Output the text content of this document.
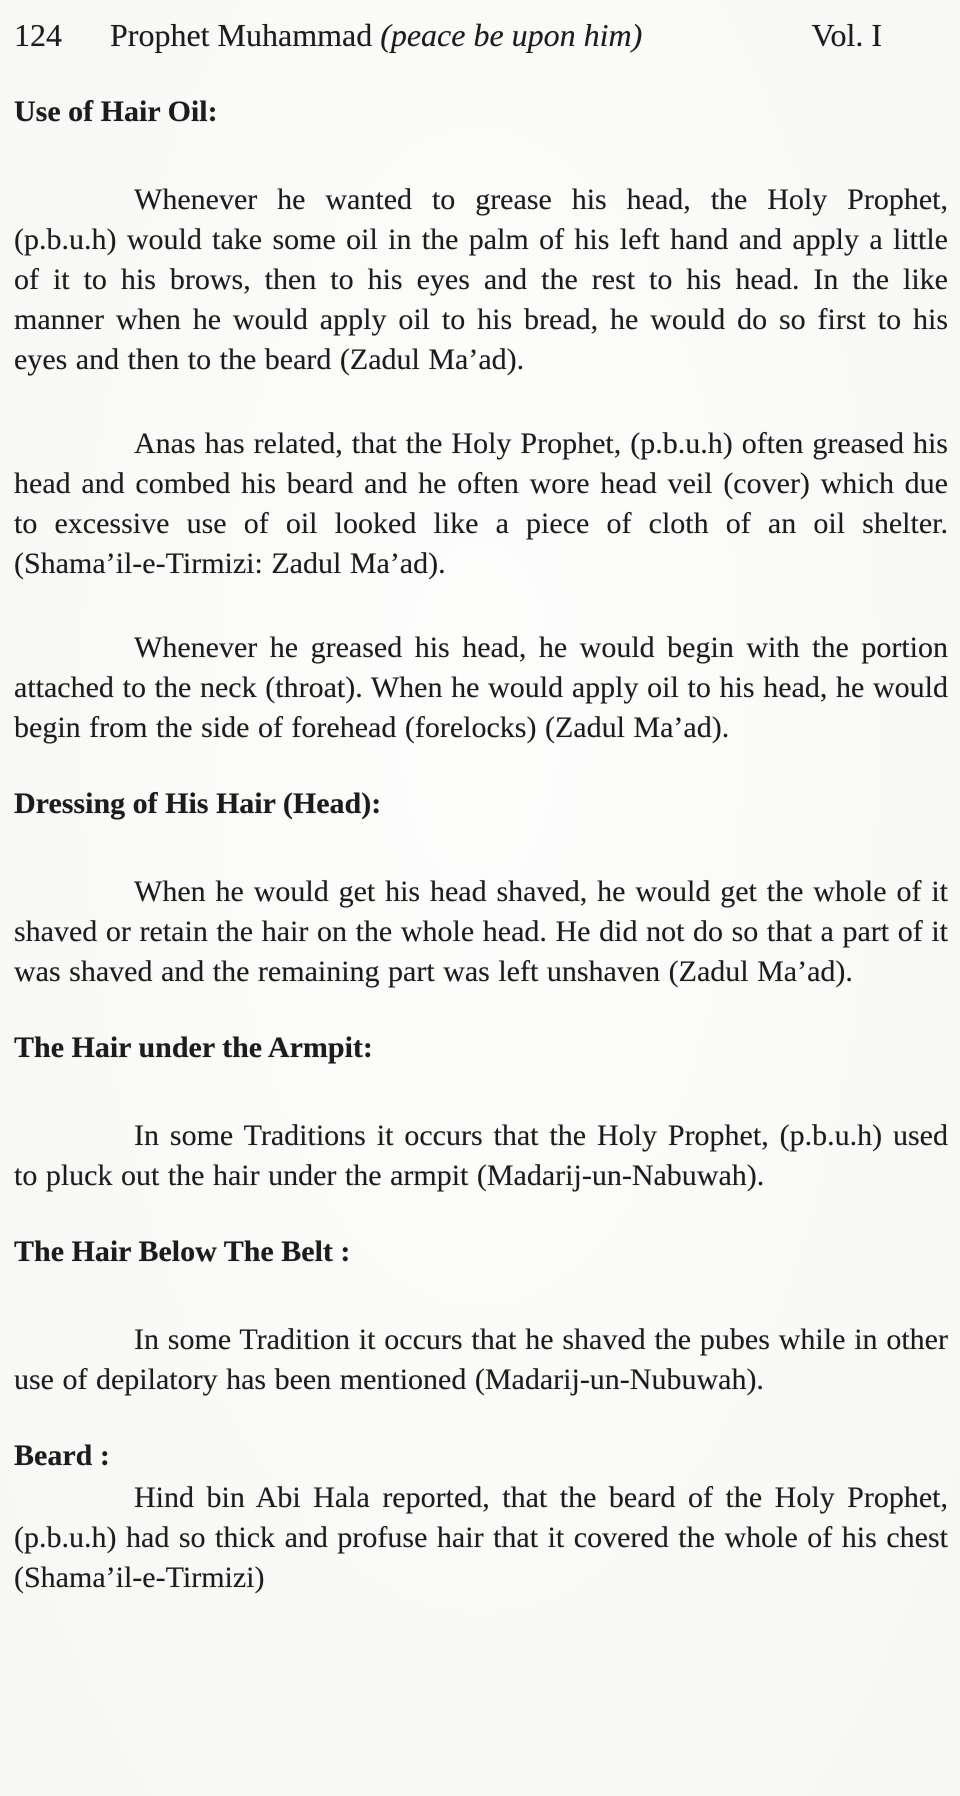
124 Prophet Muhammad (peace be upon him)	Vol. I
Use of Hair Oil:

Whenever he wanted to grease his head, the Holy Prophet, (p.b.u.h) would take some oil in the palm of his left hand and apply a little of it to his brows, then to his eyes and the rest to his head. In the like manner when he would apply oil to his bread, he would do so first to his eyes and then to the beard (Zadul Ma’ad).

Anas has related, that the Holy Prophet, (p.b.u.h) often greased his head and combed his beard and he often wore head veil (cover) which due to excessive use of oil looked like a piece of cloth of an oil shelter. (Shama’il-e-Tirmizi: Zadul Ma’ad).

Whenever he greased his head, he would begin with the portion attached to the neck (throat). When he would apply oil to his head, he would begin from the side of forehead (forelocks) (Zadul Ma’ad).

Dressing of His Hair (Head):

When he would get his head shaved, he would get the whole of it shaved or retain the hair on the whole head. He did not do so that a part of it was shaved and the remaining part was left unshaven (Zadul Ma’ad).

The Hair under the Armpit:

In some Traditions it occurs that the Holy Prophet, (p.b.u.h) used to pluck out the hair under the armpit (Madarij-un-Nabuwah).

The Hair Below The Belt :

In some Tradition it occurs that he shaved the pubes while in other use of depilatory has been mentioned (Madarij-un-Nubuwah).

Beard :

Hind bin Abi Hala reported, that the beard of the Holy Prophet, (p.b.u.h) had so thick and profuse hair that it covered the whole of his chest (Shama’il-e-Tirmizi)
